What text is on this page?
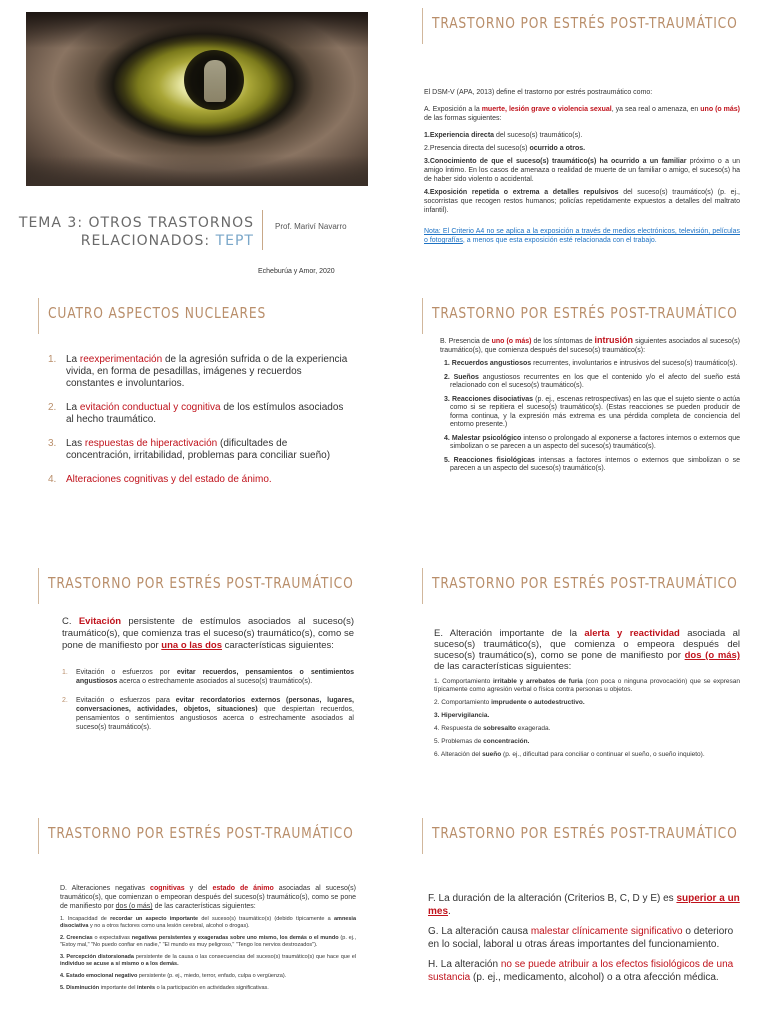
TEMA 3: OTROS TRASTORNOS
RELACIONADOS: TEPT
Prof. Mariví Navarro
Echeburúa y Amor, 2020
TRASTORNO POR ESTRÉS POST-TRAUMÁTICO

El DSM-V (APA, 2013) define el trastorno por estrés postraumático como:

A. Exposición a la muerte, lesión grave o violencia sexual, ya sea real o amenaza, en uno (o más) de las formas siguientes:

1.Experiencia directa del suceso(s) traumático(s).

2.Presencia directa del suceso(s) ocurrido a otros.

3.Conocimiento de que el suceso(s) traumático(s) ha ocurrido a un familiar próximo o a un amigo íntimo. En los casos de amenaza o realidad de muerte de un familiar o amigo, el suceso(s) ha de haber sido violento o accidental.

4.Exposición repetida o extrema a detalles repulsivos del suceso(s) traumático(s) (p. ej., socorristas que recogen restos humanos; policías repetidamente expuestos a detalles del maltrato infantil).

Nota: El Criterio A4 no se aplica a la exposición a través de medios electrónicos, televisión, películas o fotografías, a menos que esta exposición esté relacionada con el trabajo.

CUATRO ASPECTOS NUCLEARES
1. La reexperimentación de la agresión sufrida o de la experiencia vivida, en forma de pesadillas, imágenes y recuerdos constantes e involuntarios.
2. La evitación conductual y cognitiva de los estímulos asociados al hecho traumático.
3. Las respuestas de hiperactivación (dificultades de concentración, irritabilidad, problemas para conciliar sueño)
4. Alteraciones cognitivas y del estado de ánimo.
TRASTORNO POR ESTRÉS POST-TRAUMÁTICO

B. Presencia de uno (o más) de los síntomas de intrusión siguientes asociados al suceso(s) traumático(s), que comienza después del suceso(s) traumático(s):

1. Recuerdos angustiosos recurrentes, involuntarios e intrusivos del suceso(s) traumático(s).

2. Sueños angustiosos recurrentes en los que el contenido y/o el afecto del sueño está relacionado con el suceso(s) traumático(s).

3. Reacciones disociativas (p. ej., escenas retrospectivas) en las que el sujeto siente o actúa como si se repitiera el suceso(s) traumático(s). (Estas reacciones se pueden producir de forma continua, y la expresión más extrema es una pérdida completa de conciencia del entorno presente.)

4. Malestar psicológico intenso o prolongado al exponerse a factores internos o externos que simbolizan o se parecen a un aspecto del suceso(s) traumático(s).

5. Reacciones fisiológicas intensas a factores internos o externos que simbolizan o se parecen a un aspecto del suceso(s) traumático(s).

TRASTORNO POR ESTRÉS POST-TRAUMÁTICO

C. Evitación persistente de estímulos asociados al suceso(s) traumático(s), que comienza tras el suceso(s) traumático(s), como se pone de manifiesto por una o las dos características siguientes:

1.	Evitación o esfuerzos por evitar recuerdos, pensamientos o sentimientos angustiosos acerca o estrechamente asociados al suceso(s) traumático(s).

2.	Evitación o esfuerzos para evitar recordatorios externos (personas, lugares, conversaciones, actividades, objetos, situaciones) que despiertan recuerdos, pensamientos o sentimientos angustiosos acerca o estrechamente asociados al suceso(s) traumático(s).

TRASTORNO POR ESTRÉS POST-TRAUMÁTICO

E. Alteración importante de la alerta y reactividad asociada al suceso(s) traumático(s), que comienza o empeora después del suceso(s) traumático(s), como se pone de manifiesto por dos (o más) de las características siguientes:

1. Comportamiento irritable y arrebatos de furia (con poca o ninguna provocación) que se expresan típicamente como agresión verbal o física contra personas u objetos.

2. Comportamiento imprudente o autodestructivo.

3. Hipervigilancia.

4. Respuesta de sobresalto exagerada.

5. Problemas de concentración.

6. Alteración del sueño (p. ej., dificultad para conciliar o continuar el sueño, o sueño inquieto).

TRASTORNO POR ESTRÉS POST-TRAUMÁTICO

D. Alteraciones negativas cognitivas y del estado de ánimo asociadas al suceso(s) traumático(s), que comienzan o empeoran después del suceso(s) traumático(s), como se pone de manifiesto por dos (o más) de las características siguientes:

1. Incapacidad de recordar un aspecto importante del suceso(s) traumático(s) (debido típicamente a amnesia disociativa y no a otros factores como una lesión cerebral, alcohol o drogas).

2. Creencias o expectativas negativas persistentes y exageradas sobre uno mismo, los demás o el mundo (p. ej., "Estoy mal," "No puedo confiar en nadie," "El mundo es muy peligroso," "Tengo los nervios destrozados").

3. Percepción distorsionada persistente de la causa o las consecuencias del suceso(s) traumático(s) que hace que el individuo se acuse a sí mismo o a los demás.

4. Estado emocional negativo persistente (p. ej., miedo, terror, enfado, culpa o vergüenza).

5. Disminución importante del interés o la participación en actividades significativas.

TRASTORNO POR ESTRÉS POST-TRAUMÁTICO

F. La duración de la alteración (Criterios B, C, D y E) es superior a un mes.

G. La alteración causa malestar clínicamente significativo o deterioro en lo social, laboral u otras áreas importantes del funcionamiento.

H. La alteración no se puede atribuir a los efectos fisiológicos de una sustancia (p. ej., medicamento, alcohol) o a otra afección médica.
